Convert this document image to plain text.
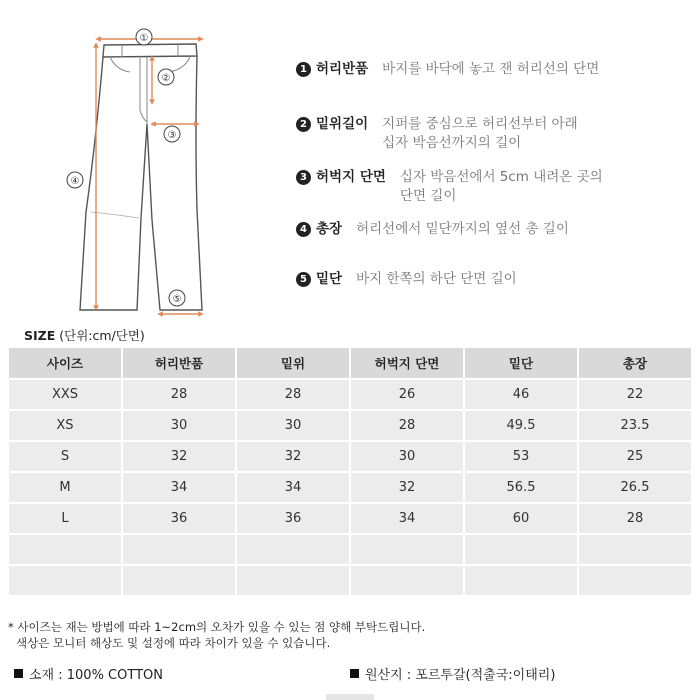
①
②
③
④
⑤
1 허리반품 바지를 바닥에 놓고 잰 허리선의 단면
2 밑위길이 지퍼를 중심으로 허리선부터 아래
십자 박음선까지의 길이
3 허벅지 단면 십자 박음선에서 5cm 내려온 곳의
단면 길이
4 총장 허리선에서 밑단까지의 옆선 총 길이
5 밑단 바지 한쪽의 하단 단면 길이
SIZE (단위:cm/단면)
사이즈	허리반품	밑위	허벅지 단면	밑단	총장
XXS	28	28	26	46	22
XS	30	30	28	49.5	23.5
S	32	32	30	53	25
M	34	34	32	56.5	26.5
L	36	36	34	60	28

* 사이즈는 재는 방법에 따라 1~2cm의 오차가 있을 수 있는 점 양해 부탁드립니다.
색상은 모니터 해상도 및 설정에 따라 차이가 있을 수 있습니다.
소재 : 100% COTTON	원산지 : 포르투갈(적출국:이태리)
